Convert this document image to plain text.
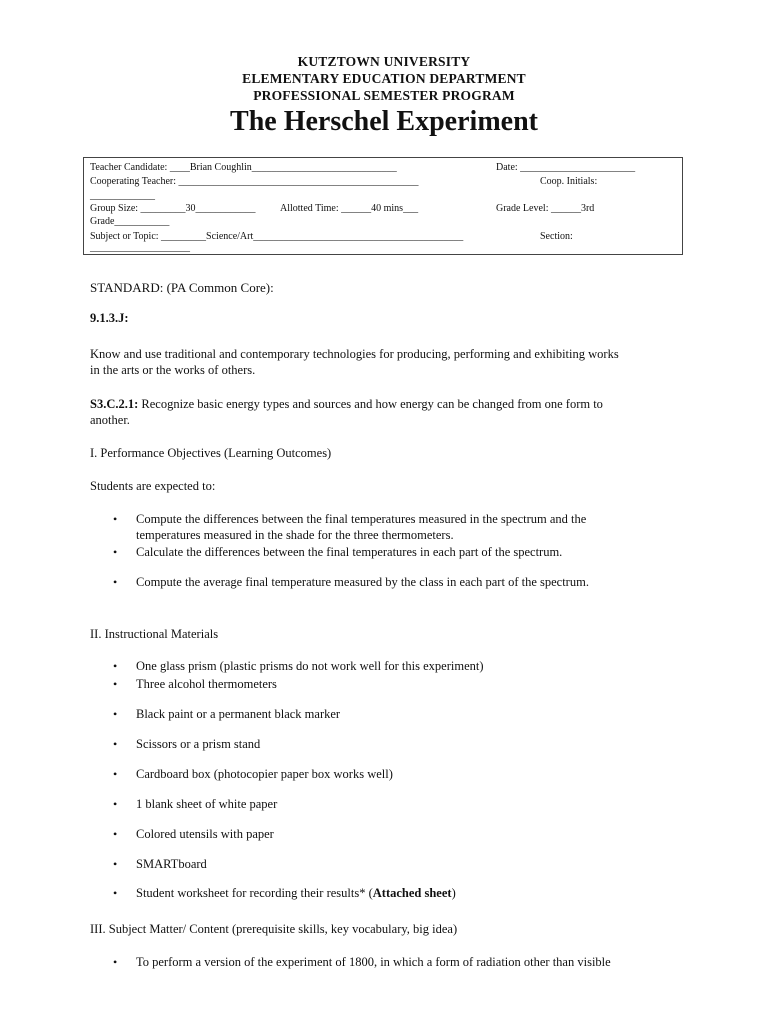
KUTZTOWN UNIVERSITY
ELEMENTARY EDUCATION DEPARTMENT
PROFESSIONAL SEMESTER PROGRAM
The Herschel Experiment
Teacher Candidate: ____Brian Coughlin_____________________________	Date: _______________________
Cooperating Teacher: ________________________________________________	Coop. Initials:
_____________
Group Size: _________30____________ Allotted Time: ______40 mins___	Grade Level: ______3rd
Grade___________
Subject or Topic: _________Science/Art__________________________________________	Section:
____________________
STANDARD: (PA Common Core):
9.1.3.J:
Know and use traditional and contemporary technologies for producing, performing and exhibiting works
in the arts or the works of others.
S3.C.2.1: Recognize basic energy types and sources and how energy can be changed from one form to
another.
I. Performance Objectives (Learning Outcomes)
Students are expected to:
• Compute the differences between the final temperatures measured in the spectrum and the
temperatures measured in the shade for the three thermometers.
• Calculate the differences between the final temperatures in each part of the spectrum.
• Compute the average final temperature measured by the class in each part of the spectrum.
II. Instructional Materials
• One glass prism (plastic prisms do not work well for this experiment)
• Three alcohol thermometers
• Black paint or a permanent black marker
• Scissors or a prism stand
• Cardboard box (photocopier paper box works well)
• 1 blank sheet of white paper
• Colored utensils with paper
• SMARTboard
• Student worksheet for recording their results* (Attached sheet)
III. Subject Matter/ Content (prerequisite skills, key vocabulary, big idea)
• To perform a version of the experiment of 1800, in which a form of radiation other than visible
